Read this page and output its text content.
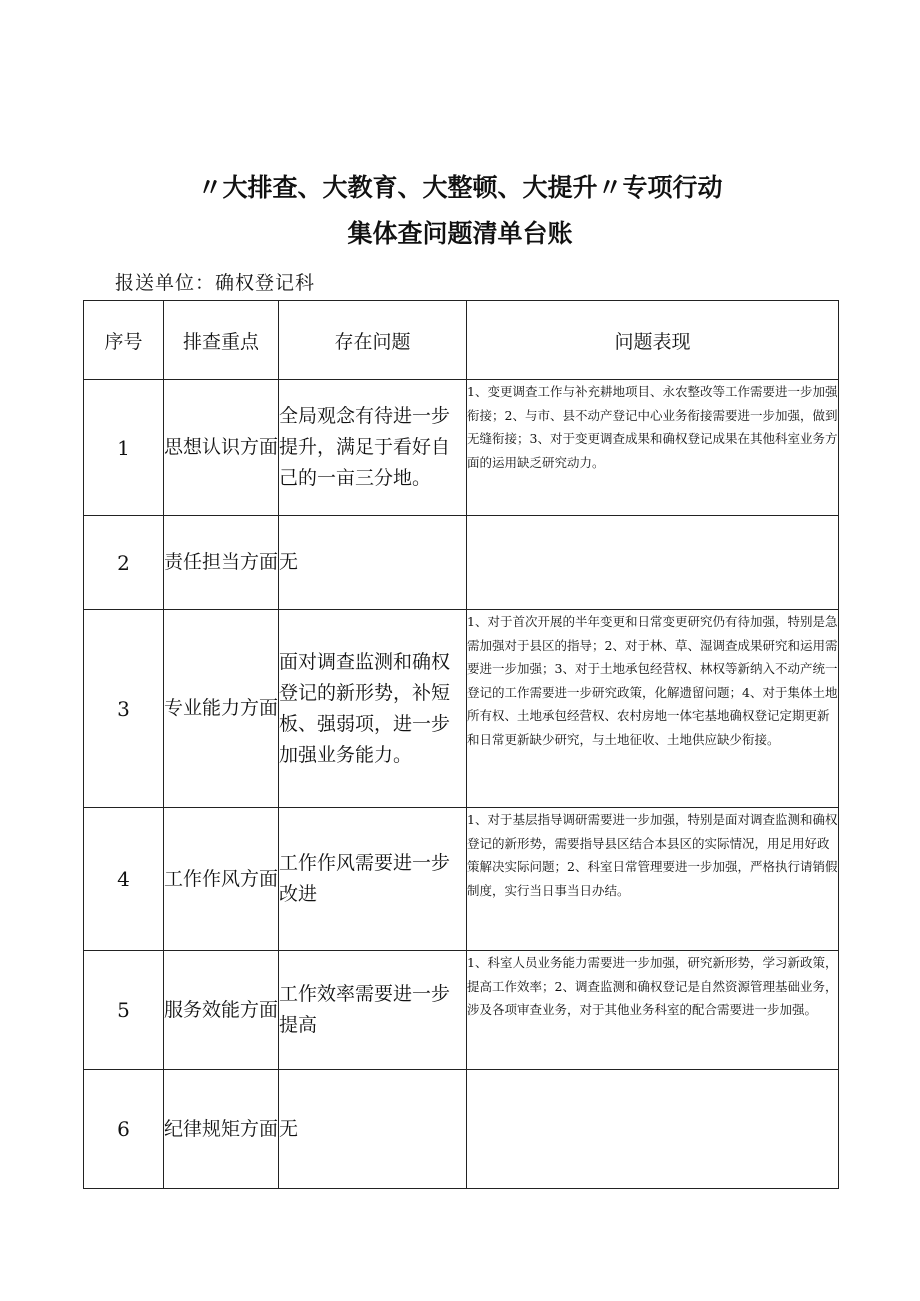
〃大排查、大教育、大整顿、大提升〃专项行动
集体查问题清单台账
报送单位：确权登记科
序号	排查重点	存在问题	问题表现
1	思想认识方面	全局观念有待进一步提升，满足于看好自己的一亩三分地。	1、变更调查工作与补充耕地项目、永农整改等工作需要进一步加强衔接；2、与市、县不动产登记中心业务衔接需要进一步加强，做到无缝衔接；3、对于变更调查成果和确权登记成果在其他科室业务方面的运用缺乏研究动力。
2	责任担当方面	无	
3	专业能力方面	面对调查监测和确权登记的新形势，补短板、强弱项，进一步加强业务能力。	1、对于首次开展的半年变更和日常变更研究仍有待加强，特别是急需加强对于县区的指导；2、对于林、草、湿调查成果研究和运用需要进一步加强；3、对于土地承包经营权、林权等新纳入不动产统一登记的工作需要进一步研究政策，化解遗留问题；4、对于集体土地所有权、土地承包经营权、农村房地一体宅基地确权登记定期更新和日常更新缺少研究，与土地征收、土地供应缺少衔接。
4	工作作风方面	工作作风需要进一步改进	1、对于基层指导调研需要进一步加强，特别是面对调查监测和确权登记的新形势，需要指导县区结合本县区的实际情况，用足用好政策解决实际问题；2、科室日常管理要进一步加强，严格执行请销假制度，实行当日事当日办结。
5	服务效能方面	工作效率需要进一步提高	1、科室人员业务能力需要进一步加强，研究新形势，学习新政策，提高工作效率；2、调查监测和确权登记是自然资源管理基础业务，涉及各项审查业务，对于其他业务科室的配合需要进一步加强。
6	纪律规矩方面	无	
